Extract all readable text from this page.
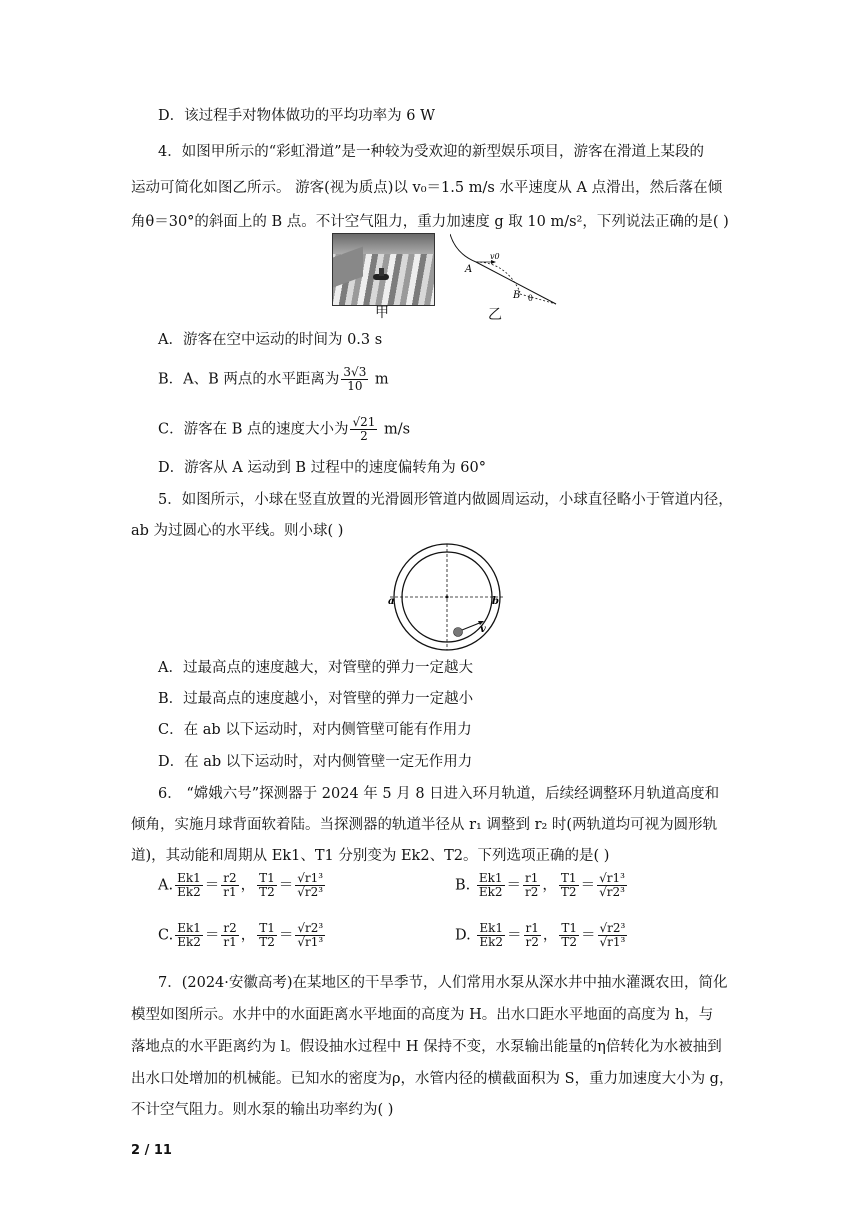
D．该过程手对物体做功的平均功率为 6 W
4．如图甲所示的“彩虹滑道”是一种较为受欢迎的新型娱乐项目，游客在滑道上某段的
运动可简化如图乙所示。 游客(视为质点)以 v₀＝1.5 m/s 水平速度从 A 点滑出，然后落在倾
角θ＝30°的斜面上的 B 点。不计空气阻力，重力加速度 g 取 10 m/s²，下列说法正确的是( )
甲
A
v0
B θ
乙
A．游客在空中运动的时间为 0.3 s
B．A、B 两点的水平距离为 $\frac{3√3}{10}$ m
C．游客在 B 点的速度大小为 $\frac{√21}{2} m/s$
D．游客从 A 运动到 B 过程中的速度偏转角为 60°
5．如图所示，小球在竖直放置的光滑圆形管道内做圆周运动，小球直径略小于管道内径，
ab 为过圆心的水平线。则小球( )
a	b
v
A．过最高点的速度越大，对管壁的弹力一定越大
B．过最高点的速度越小，对管壁的弹力一定越小
C．在 ab 以下运动时，对内侧管壁可能有作用力
D．在 ab 以下运动时，对内侧管壁一定无作用力
6． “嫦娥六号”探测器于 2024 年 5 月 8 日进入环月轨道，后续经调整环月轨道高度和
倾角，实施月球背面软着陆。当探测器的轨道半径从 r₁ 调整到 r₂ 时(两轨道均可视为圆形轨
道)，其动能和周期从 Ek1、T1 分别变为 Ek2、T2。下列选项正确的是( )
A. $\frac{Ek1}{Ek2} = \frac{r2}{r1}$ ， $\frac{T1}{T2} = \frac{\text{√r1³}}{\text{√r2³}}$	B. $\frac{Ek1}{Ek2} = \frac{r1}{r2}$ ， $\frac{T1}{T2} = \frac{\text{√r1³}}{\text{√r2³}}$
C. $\frac{Ek1}{Ek2} = \frac{r2}{r1}$ ， $\frac{T1}{T2} = \frac{\text{√r2³}}{\text{√r1³}}$	D. $\frac{Ek1}{Ek2} = \frac{r1}{r2}$ ， $\frac{T1}{T2} = \frac{\text{√r2³}}{\text{√r1³}}$
7．(2024·安徽高考)在某地区的干旱季节，人们常用水泵从深水井中抽水灌溉农田，简化
模型如图所示。水井中的水面距离水平地面的高度为 H。出水口距水平地面的高度为 h，与
落地点的水平距离约为 l。假设抽水过程中 H 保持不变，水泵输出能量的η倍转化为水被抽到
出水口处增加的机械能。已知水的密度为ρ，水管内径的横截面积为 S，重力加速度大小为 g，
不计空气阻力。则水泵的输出功率约为( )
2 / 11
